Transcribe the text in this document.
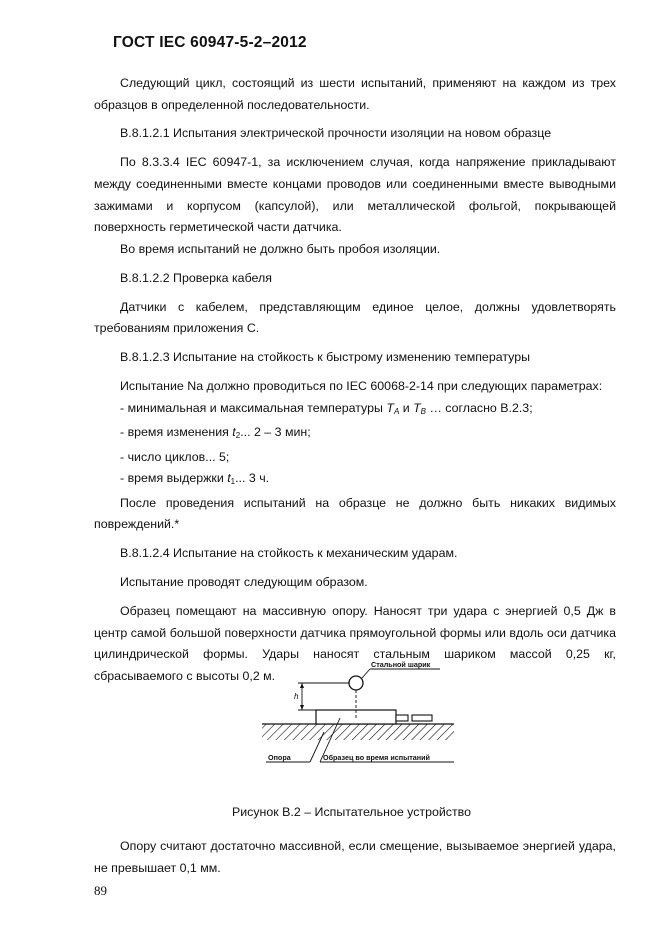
ГОСТ IEC 60947-5-2–2012

Следующий цикл, состоящий из шести испытаний, применяют на каждом из трех образцов в определенной последовательности.

B.8.1.2.1 Испытания электрической прочности изоляции на новом образце

По 8.3.3.4 IEC 60947-1, за исключением случая, когда напряжение прикладывают между соединенными вместе концами проводов или соединенными вместе выводными зажимами и корпусом (капсулой), или металлической фольгой, покрывающей поверхность герметической части датчика.

Во время испытаний не должно быть пробоя изоляции.

B.8.1.2.2 Проверка кабеля

Датчики с кабелем, представляющим единое целое, должны удовлетворять требованиям приложения С.

B.8.1.2.3 Испытание на стойкость к быстрому изменению температуры

Испытание Na должно проводиться по IEC 60068-2-14 при следующих параметрах:

- минимальная и максимальная температуры $T_A$ и $T_B$ … согласно В.2.3;

- время изменения $t_2$... 2 – 3 мин;

- число циклов... 5;

- время выдержки $t_1$... 3 ч.

После проведения испытаний на образце не должно быть никаких видимых повреждений.*

B.8.1.2.4 Испытание на стойкость к механическим ударам.

Испытание проводят следующим образом.

Образец помещают на массивную опору. Наносят три удара с энергией 0,5 Дж в центр самой большой поверхности датчика прямоугольной формы или вдоль оси датчика цилиндрической формы. Удары наносят стальным шариком массой 0,25 кг, сбрасываемого с высоты 0,2 м.

Стальной шарик
h
Опора	Образец во время испытаний
Рисунок В.2 – Испытательное устройство

Опору считают достаточно массивной, если смещение, вызываемое энергией удара, не превышает 0,1 мм.

89
